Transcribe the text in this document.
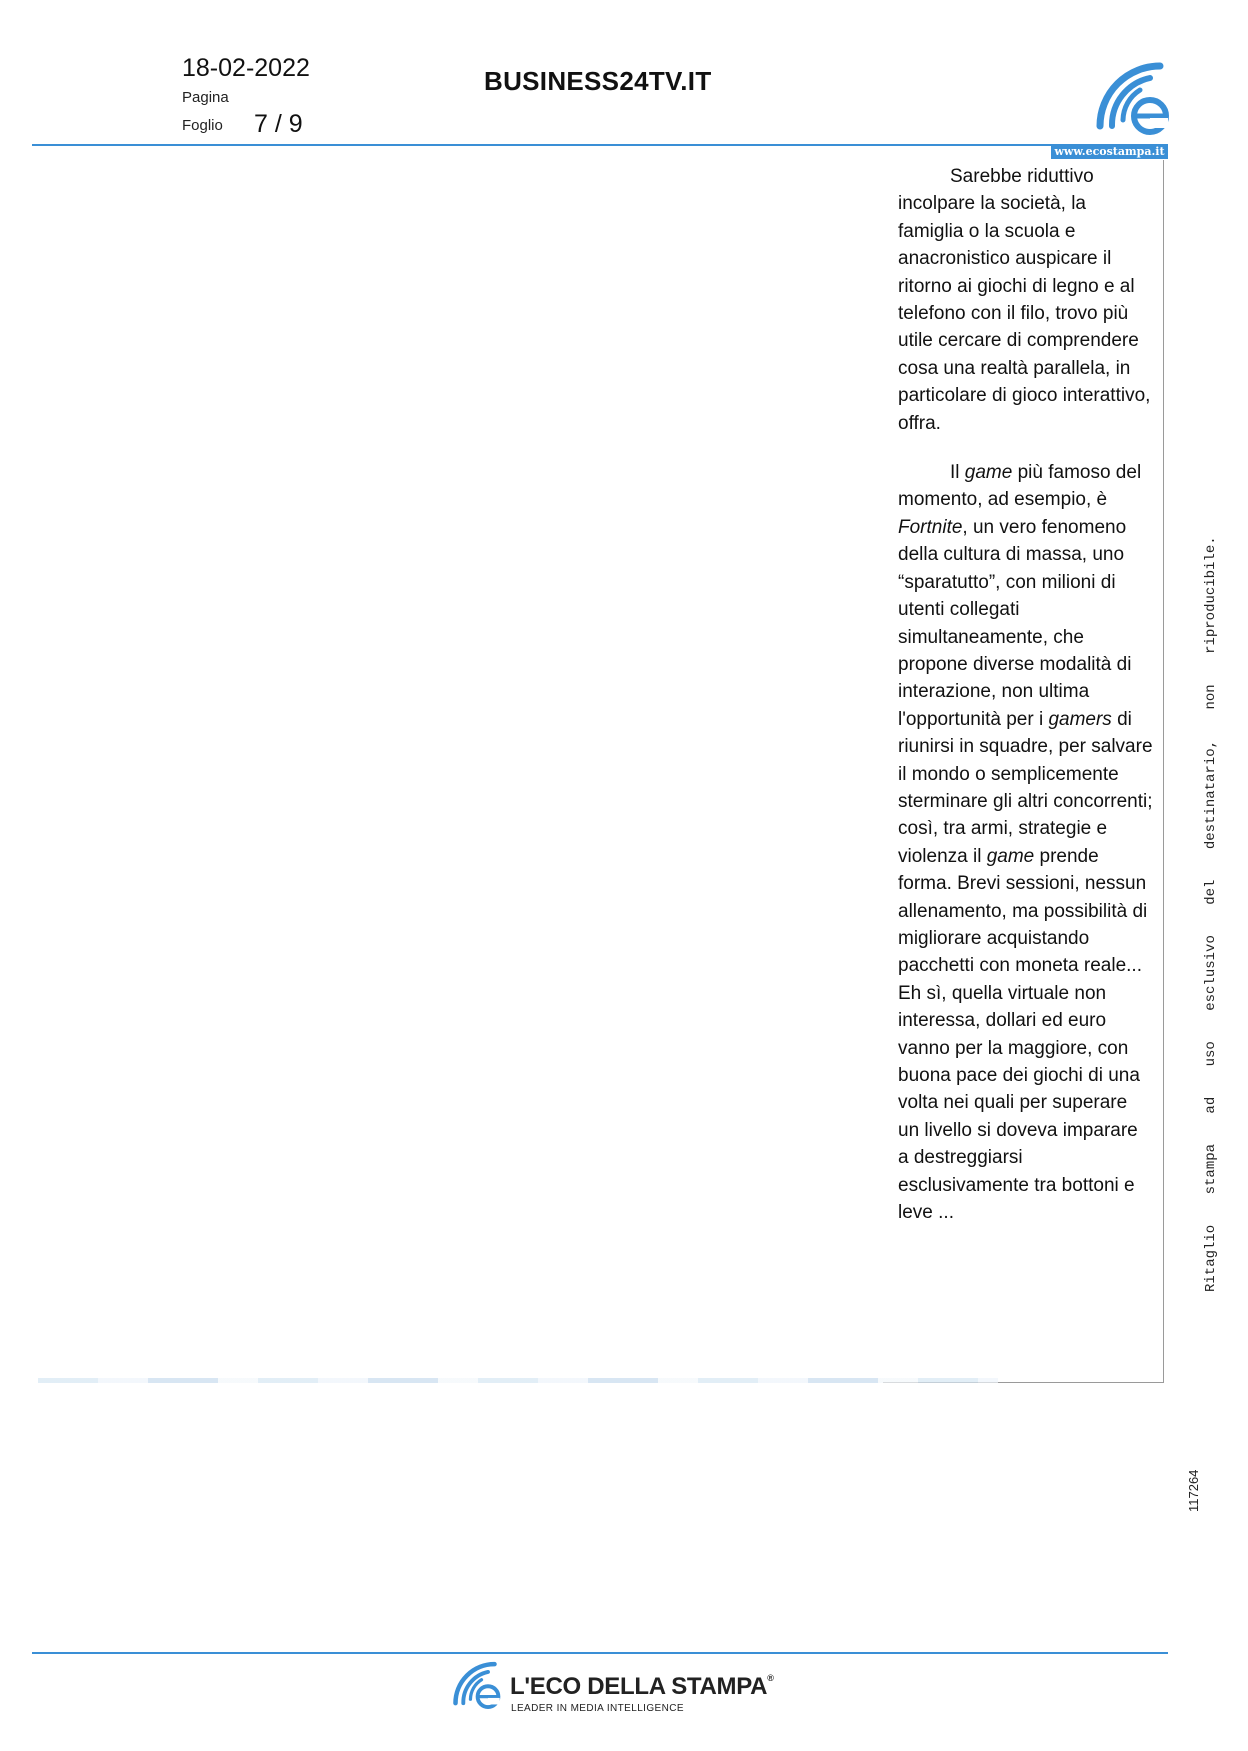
18-02-2022
Pagina
Foglio 7 / 9
BUSINESS24TV.IT
www.ecostampa.it

Sarebbe riduttivo incolpare la società, la famiglia o la scuola e anacronistico auspicare il ritorno ai giochi di legno e al telefono con il filo, trovo più utile cercare di comprendere cosa una realtà parallela, in particolare di gioco interattivo, offra.

Il game più famoso del momento, ad esempio, è Fortnite, un vero fenomeno della cultura di massa, uno “sparatutto”, con milioni di utenti collegati simultaneamente, che propone diverse modalità di interazione, non ultima l'opportunità per i gamers di riunirsi in squadre, per salvare il mondo o semplicemente sterminare gli altri concorrenti; così, tra armi, strategie e violenza il game prende forma. Brevi sessioni, nessun allenamento, ma possibilità di migliorare acquistando pacchetti con moneta reale... Eh sì, quella virtuale non interessa, dollari ed euro vanno per la maggiore, con buona pace dei giochi di una volta nei quali per superare un livello si doveva imparare a destreggiarsi esclusivamente tra bottoni e leve ...	Ritaglio stampa ad uso esclusivo del destinatario, non riproducibile.
117264
L'ECO DELLA STAMPA®
LEADER IN MEDIA INTELLIGENCE
